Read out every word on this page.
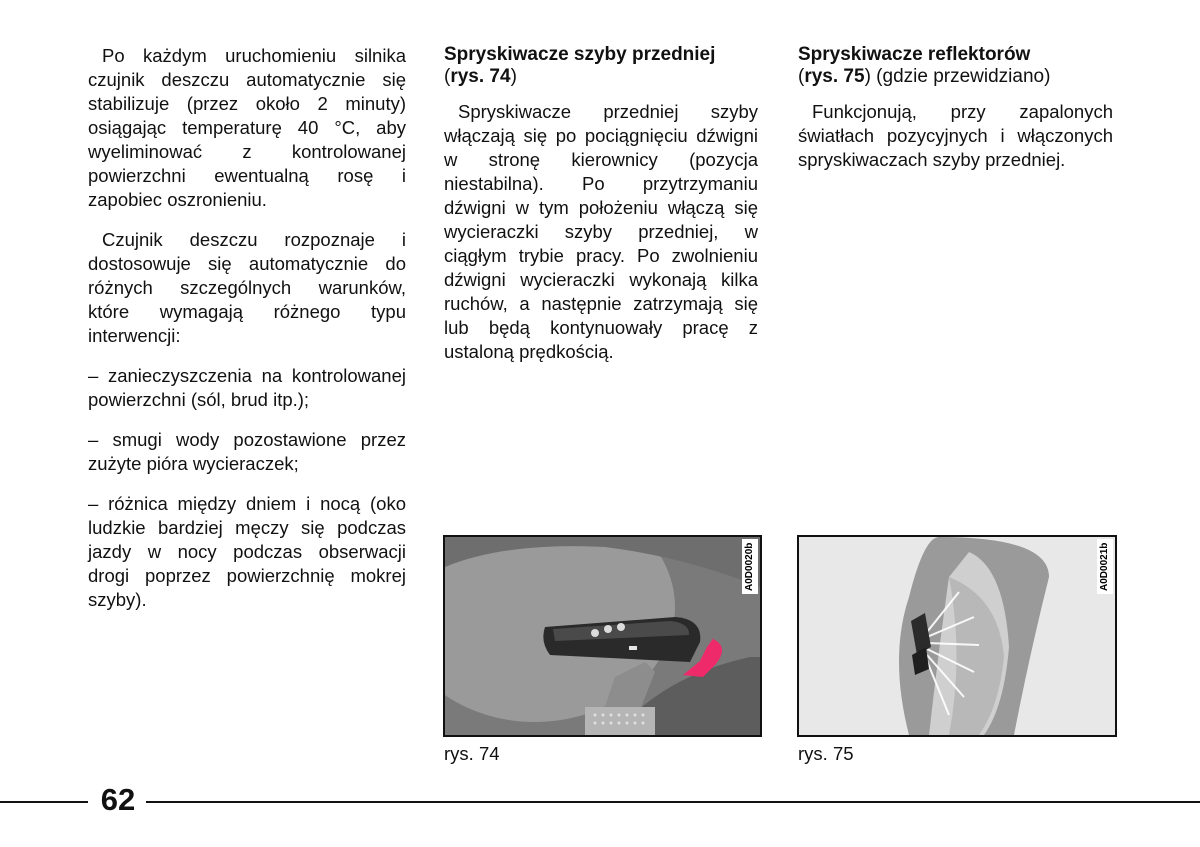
Po każdym uruchomieniu silnika czujnik deszczu automatycznie się stabilizuje (przez około 2 minuty) osiągając temperaturę 40 °C, aby wyeliminować z kontrolowanej powierzchni ewentualną rosę i zapobiec oszronieniu.

Czujnik deszczu rozpoznaje i dostosowuje się automatycznie do różnych szczególnych warunków, które wymagają różnego typu interwencji:

– zanieczyszczenia na kontrolowanej powierzchni (sól, brud itp.);

– smugi wody pozostawione przez zużyte pióra wycieraczek;

– różnica między dniem i nocą (oko ludzkie bardziej męczy się podczas jazdy w nocy podczas obserwacji drogi poprzez powierzchnię mokrej szyby).

Spryskiwacze szyby przedniej
(rys. 74)

Spryskiwacze przedniej szyby włączają się po pociągnięciu dźwigni w stronę kierownicy (pozycja niestabilna). Po przytrzymaniu dźwigni w tym położeniu włączą się wycieraczki szyby przedniej, w ciągłym trybie pracy. Po zwolnieniu dźwigni wycieraczki wykonają kilka ruchów, a następnie zatrzymają się lub będą kontynuowały pracę z ustaloną prędkością.

Spryskiwacze reflektorów
(rys. 75) (gdzie przewidziano)

Funkcjonują, przy zapalonych światłach pozycyjnych i włączonych spryskiwaczach szyby przedniej.

A0D0020b
rys. 74
A0D0021b
rys. 75
62
